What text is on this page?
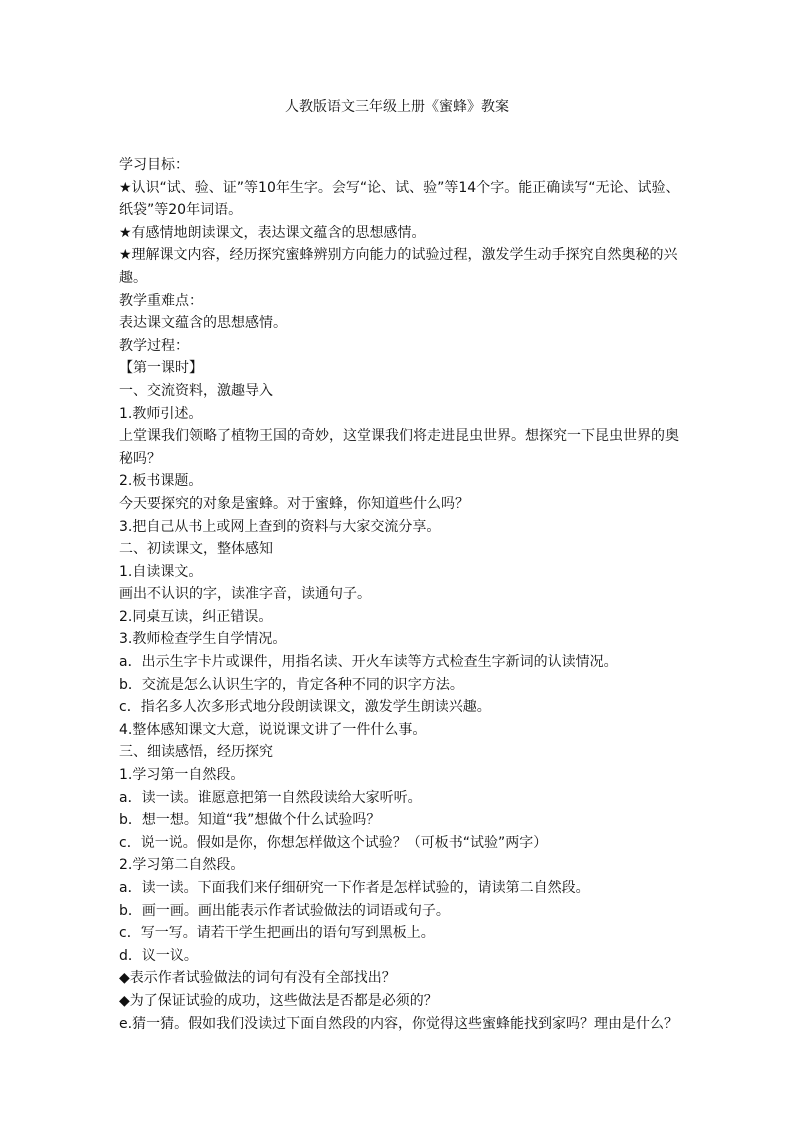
人教版语文三年级上册《蜜蜂》教案
学习目标：
★认识“试、验、证”等10年生字。会写“论、试、验”等14个字。能正确读写“无论、试验、
纸袋”等20年词语。
★有感情地朗读课文，表达课文蕴含的思想感情。
★理解课文内容，经历探究蜜蜂辨别方向能力的试验过程，激发学生动手探究自然奥秘的兴
趣。
教学重难点：
表达课文蕴含的思想感情。
教学过程：
【第一课时】
一、交流资料，激趣导入
1.教师引述。
上堂课我们领略了植物王国的奇妙，这堂课我们将走进昆虫世界。想探究一下昆虫世界的奥
秘吗？
2.板书课题。
今天要探究的对象是蜜蜂。对于蜜蜂，你知道些什么吗？
3.把自己从书上或网上查到的资料与大家交流分享。
二、初读课文，整体感知
1.自读课文。
画出不认识的字，读准字音，读通句子。
2.同桌互读，纠正错误。
3.教师检查学生自学情况。
a．出示生字卡片或课件，用指名读、开火车读等方式检查生字新词的认读情况。
b．交流是怎么认识生字的，肯定各种不同的识字方法。
c．指名多人次多形式地分段朗读课文，激发学生朗读兴趣。
4.整体感知课文大意，说说课文讲了一件什么事。
三、细读感悟，经历探究
1.学习第一自然段。
a．读一读。谁愿意把第一自然段读给大家听听。
b．想一想。知道“我”想做个什么试验吗？
c．说一说。假如是你，你想怎样做这个试验？（可板书“试验”两字）
2.学习第二自然段。
a．读一读。下面我们来仔细研究一下作者是怎样试验的，请读第二自然段。
b．画一画。画出能表示作者试验做法的词语或句子。
c．写一写。请若干学生把画出的语句写到黑板上。
d．议一议。
◆表示作者试验做法的词句有没有全部找出？
◆为了保证试验的成功，这些做法是否都是必须的？
e.猜一猜。假如我们没读过下面自然段的内容，你觉得这些蜜蜂能找到家吗？理由是什么？
